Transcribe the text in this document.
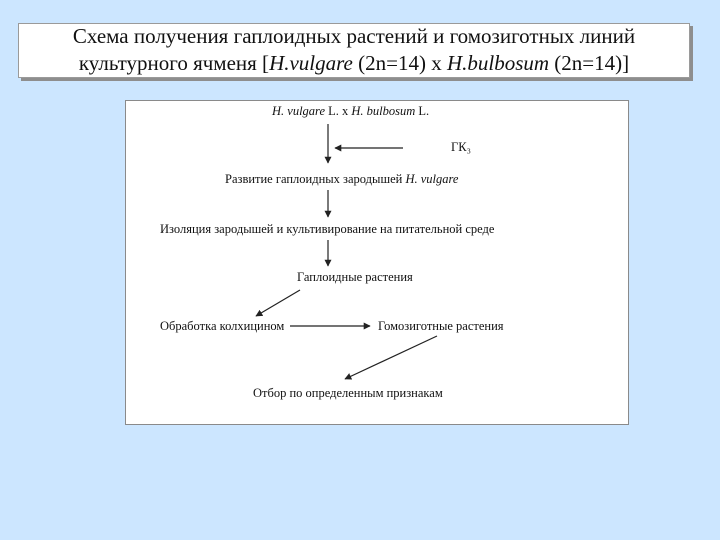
Схема получения гаплоидных растений и гомозиготных линий
культурного ячменя [H.vulgare (2n=14) х H.bulbosum (2n=14)]
H. vulgare L. x H. bulbosum L.
ГК₃
Развитие гаплоидных зародышей H. vulgare
Изоляция зародышей и культивирование на питательной среде
Гаплоидные растения
Обработка колхицином	Гомозиготные растения
Отбор по определенным признакам
